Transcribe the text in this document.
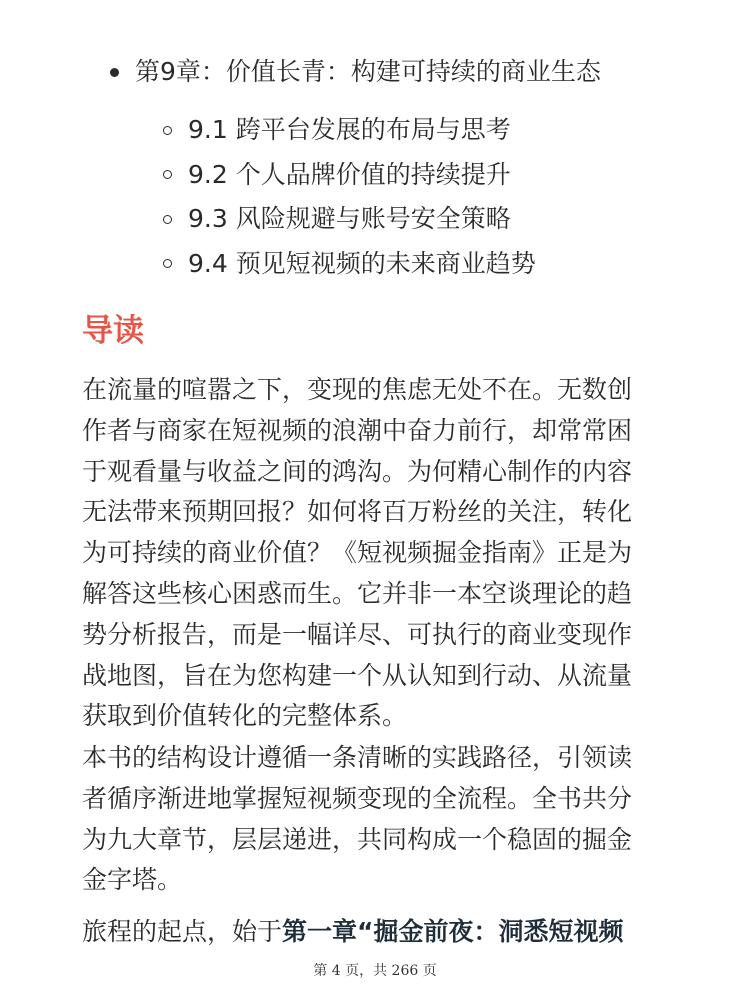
第9章：价值长青：构建可持续的商业生态
9.1 跨平台发展的布局与思考
9.2 个人品牌价值的持续提升
9.3 风险规避与账号安全策略
9.4 预见短视频的未来商业趋势
导读
在流量的喧嚣之下，变现的焦虑无处不在。无数创
作者与商家在短视频的浪潮中奋力前行，却常常困
于观看量与收益之间的鸿沟。为何精心制作的内容
无法带来预期回报？如何将百万粉丝的关注，转化
为可持续的商业价值？《短视频掘金指南》正是为
解答这些核心困惑而生。它并非一本空谈理论的趋
势分析报告，而是一幅详尽、可执行的商业变现作
战地图，旨在为您构建一个从认知到行动、从流量
获取到价值转化的完整体系。
本书的结构设计遵循一条清晰的实践路径，引领读
者循序渐进地掌握短视频变现的全流程。全书共分
为九大章节，层层递进，共同构成一个稳固的掘金
金字塔。
旅程的起点，始于第一章“掘金前夜：洞悉短视频
第 4 页，共 266 页
